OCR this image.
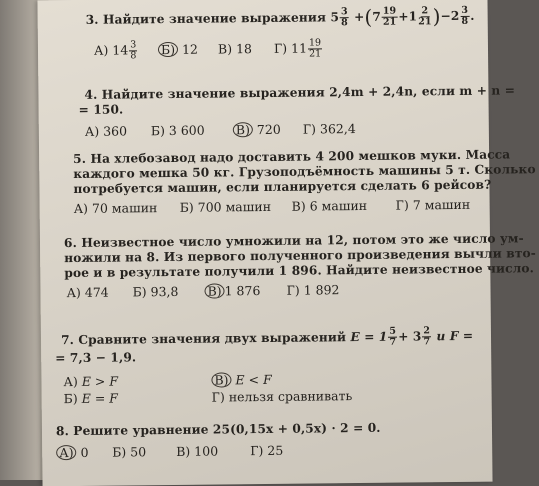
3. Найдите значение выражения $5 \frac{3}{8} +(7 \frac{19}{21} +1 \frac{2}{21} )-2 \frac{3}{8}$ .
А) $14 \frac{3}{8} Б$) 12 В) 18 Г) $11 \frac{19}{21}$
4. Найдите значение выражения 2,4m + 2,4n, если m + n =
= 150.
А) 360 Б) 3 600 В) 720 Г) 362,4
5. На хлебозавод надо доставить 4 200 мешков муки. Масса
каждого мешка 50 кг. Грузоподъёмность машины 5 т. Сколько
потребуется машин, если планируется сделать 6 рейсов?
А) 70 машин Б) 700 машин В) 6 машин Г) 7 машин
6. Неизвестное число умножили на 12, потом это же число ум-
ножили на 8. Из первого полученного произведения вычли вто-
рое и в результате получили 1 896. Найдите неизвестное число.
А) 474 Б) 93,8 В) 1 876 Г) 1 892
7. Сравните значения двух выражений $E = 1 \frac{5}{7} + 3 \frac{2}{7}$ и F =
= 7,3 − 1,9.
А) E > F	В) E < F
Б) E = F	Г) нельзя сравнивать
8. Решите уравнение 25(0,15x + 0,5x) · 2 = 0.
А) 0 Б) 50 В) 100	Г) 25
